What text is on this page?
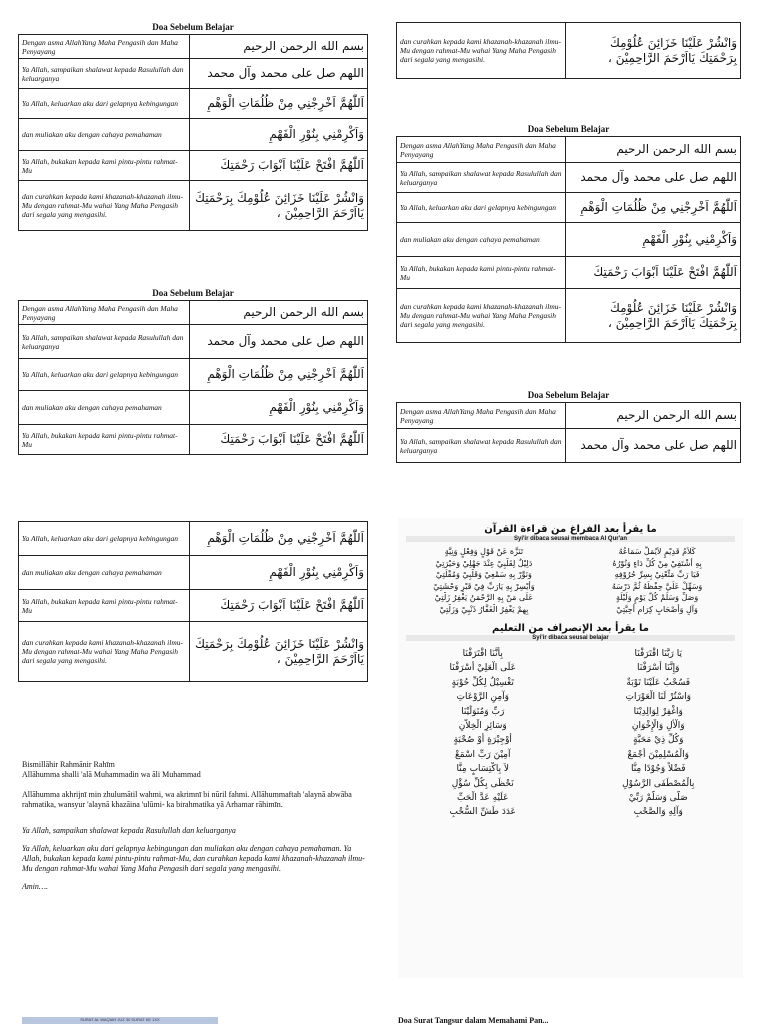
Doa Sebelum Belajar
Dengan asma AllahYang Maha Pengasih dan Maha Penyayang	بسم الله الرحمن الرحيم
Ya Allah, sampaikan shalawat kepada Rasulullah dan keluarganya	اللهم صل على محمد وآل محمد
Ya Allah, keluarkan aku dari gelapnya kebingungan	اَللّٰهُمَّ اَخْرِجْنِي مِنْ ظُلُمَاتِ الْوَهْمِ
dan muliakan aku dengan cahaya pemahaman	وَاَكْرِمْنِي بِنُوْرِ الْفَهْمِ
Ya Allah, bukakan kepada kami pintu-pintu rahmat-Mu	اَللّٰهُمَّ افْتَحْ عَلَيْنَا اَبْوَابَ رَحْمَتِكَ
dan curahkan kepada kami khazanah-khazanah ilmu-Mu dengan rahmat-Mu wahai Yang Maha Pengasih dari segala yang mengasihi.	وَانْشُرْ عَلَيْنَا خَزَائِنَ عُلُوْمِكَ بِرَحْمَتِكَ يَااَرْحَمَ الرَّاحِمِيْنَ ،
dan curahkan kepada kami khazanah-khazanah ilmu-Mu dengan rahmat-Mu wahai Yang Maha Pengasih dari segala yang mengasihi.	وَانْشُرْ عَلَيْنَا خَزَائِنَ عُلُوْمِكَ بِرَحْمَتِكَ يَااَرْحَمَ الرَّاحِمِيْنَ ،
Doa Sebelum Belajar
Dengan asma AllahYang Maha Pengasih dan Maha Penyayang	بسم الله الرحمن الرحيم
Ya Allah, sampaikan shalawat kepada Rasulullah dan keluarganya	اللهم صل على محمد وآل محمد
Ya Allah, keluarkan aku dari gelapnya kebingungan	اَللّٰهُمَّ اَخْرِجْنِي مِنْ ظُلُمَاتِ الْوَهْمِ
dan muliakan aku dengan cahaya pemahaman	وَاَكْرِمْنِي بِنُوْرِ الْفَهْمِ
Ya Allah, bukakan kepada kami pintu-pintu rahmat-Mu	اَللّٰهُمَّ افْتَحْ عَلَيْنَا اَبْوَابَ رَحْمَتِكَ
dan curahkan kepada kami khazanah-khazanah ilmu-Mu dengan rahmat-Mu wahai Yang Maha Pengasih dari segala yang mengasihi.	وَانْشُرْ عَلَيْنَا خَزَائِنَ عُلُوْمِكَ بِرَحْمَتِكَ يَااَرْحَمَ الرَّاحِمِيْنَ ،
Doa Sebelum Belajar
Dengan asma AllahYang Maha Pengasih dan Maha Penyayang	بسم الله الرحمن الرحيم
Ya Allah, sampaikan shalawat kepada Rasulullah dan keluarganya	اللهم صل على محمد وآل محمد
Ya Allah, keluarkan aku dari gelapnya kebingungan	اَللّٰهُمَّ اَخْرِجْنِي مِنْ ظُلُمَاتِ الْوَهْمِ
dan muliakan aku dengan cahaya pemahaman	وَاَكْرِمْنِي بِنُوْرِ الْفَهْمِ
Ya Allah, bukakan kepada kami pintu-pintu rahmat-Mu	اَللّٰهُمَّ افْتَحْ عَلَيْنَا اَبْوَابَ رَحْمَتِكَ
Doa Sebelum Belajar
Dengan asma AllahYang Maha Pengasih dan Maha Penyayang	بسم الله الرحمن الرحيم
Ya Allah, sampaikan shalawat kepada Rasulullah dan keluarganya	اللهم صل على محمد وآل محمد
Ya Allah, keluarkan aku dari gelapnya kebingungan	اَللّٰهُمَّ اَخْرِجْنِي مِنْ ظُلُمَاتِ الْوَهْمِ
dan muliakan aku dengan cahaya pemahaman	وَاَكْرِمْنِي بِنُوْرِ الْفَهْمِ
Ya Allah, bukakan kepada kami pintu-pintu rahmat-Mu	اَللّٰهُمَّ افْتَحْ عَلَيْنَا اَبْوَابَ رَحْمَتِكَ
dan curahkan kepada kami khazanah-khazanah ilmu-Mu dengan rahmat-Mu wahai Yang Maha Pengasih dari segala yang mengasihi.	وَانْشُرْ عَلَيْنَا خَزَائِنَ عُلُوْمِكَ بِرَحْمَتِكَ يَااَرْحَمَ الرَّاحِمِيْنَ ،

Bismillāhir Rahmānir Rahīm
Allāhumma shalli 'alā Muhammadin wa āli Muhammad

Allāhumma akhrijnī min zhulumātil wahmi, wa akrimnī bi nūril fahmi. Allāhummaftah 'alaynā abwāba rahmatika, wansyur 'alaynā khazāina 'ulūmi- ka birahmatika yā Arhamar rāhimīn.

Ya Allah, sampaikan shalawat kepada Rasulullah dan keluarganya

Ya Allah, keluarkan aku dari gelapnya kebingungan dan muliakan aku dengan cahaya pemahaman. Ya Allah, bukakan kepada kami pintu-pintu rahmat-Mu, dan curahkan kepada kami khazanah-khazanah ilmu-Mu dengan rahmat-Mu wahai Yang Maha Pengasih dari segala yang mengasihi.

Amin….

ما يقرأ بعد الفراغ من قراءة القرآن
Syi'ir dibaca seusai membaca Al Qur'an
كَلاَمُ قَدِيْمٍ لاَيُمَلُّ سَمَاعُهُ
تَنَزَّهَ عَنْ قَوْلٍ وَفِعْلٍ وَنِيَّةٍ
بِهِ أَشْتَفِيْ مِنْ كُلِّ دَاءٍ وَنُوْرُهُ
دَلِيْلٌ لِقَلْبِيْ عِنْدَ جَهْلِيْ وَحَيْرَتِيْ
فَيَا رَبِّ مَتِّعْنِيْ بِسِرِّ حُرُوْفِهِ
وَنَوِّرْ بِهِ سَمْعِيْ وَقَلْبِيْ وَمُقْلَتِيْ
وَسَهِّلْ عَلَيَّ حِفْظَهُ ثُمَّ دَرْسَهُ
وَأَيْسِرْ بِهِ يَارَبِّ فِيْ قَبْرِ وَحْشَتِيْ
وَصَلِّ وَسَلِّمْ كُلَّ يَوْمٍ وَلَيْلَةٍ
عَلَى مَنْ بِهِ الرَّحْمَنُ يَغْفِرُ زَلَّتِيْ
وَآلٍ وَأَصْحَابٍ كِرَامٍ أَحِبَّتِيْ
بِهِمْ يَغْفِرُ الْغَفَّارُ ذَنْبِيْ وَزَلَّتِيْ
ما يقرأ بعد الإنصراف من التعليم
Syi'ir dibaca seusai belajar
يَا رَبَّنَا اقْتَرَفْنَا
بِأَنَّنَا اقْتَرَفْنَا
وَإِنَّنَا أَسْرَفْنَا
عَلَى الْعَلِيْ أَسْرَفْنَا
فَسُحْبُ عَلَيْنَا تَوْبَةٌ
تَغْسِيْلُ لِكُلِّ حُوْبَةٍ
وَاسْتُرْ لَنَا الْعَوْرَاتِ
وَآمِنِ الرَّوْعَاتِ
وَاغْفِرْ لِوَالِدِيْنَا
رَبِّ وَمُتَوَلِّيْنَا
وَالْأَلِ وَالْإِخْوَانِ
وَسَائِرِ الْخِلاَّنِ
وَكُلِّ ذِيْ مَحَبَّةٍ
أَوْجِيْرَةٍ أَوْ صُحْبَةٍ
وَالْمُسْلِمِيْنَ أَجْمَعْ
آمِيْنَ رَبِّ اسْمَعْ
فَضْلاً وَجُوْدًا مِنَّا
لاَ بِاكْتِسَابٍ مِنَّا
بِالْمُصْطَفَى الرَّسُوْلِ
نَحْظَى بِكُلِّ سُؤْلِ
صَلَّى وَسَلَّمْ رَبِّيْ
عَلَيْهِ عَدَّ الْحَبِّ
وَآلِهِ وَالصَّحْبِ
عَدَدَ طَشِّ السُّحْبِ
SURAT AL WAQIAH JUZ 30 SURAT KE 1XX	Doa Surat Tangsur dalam Memahami Pan...
